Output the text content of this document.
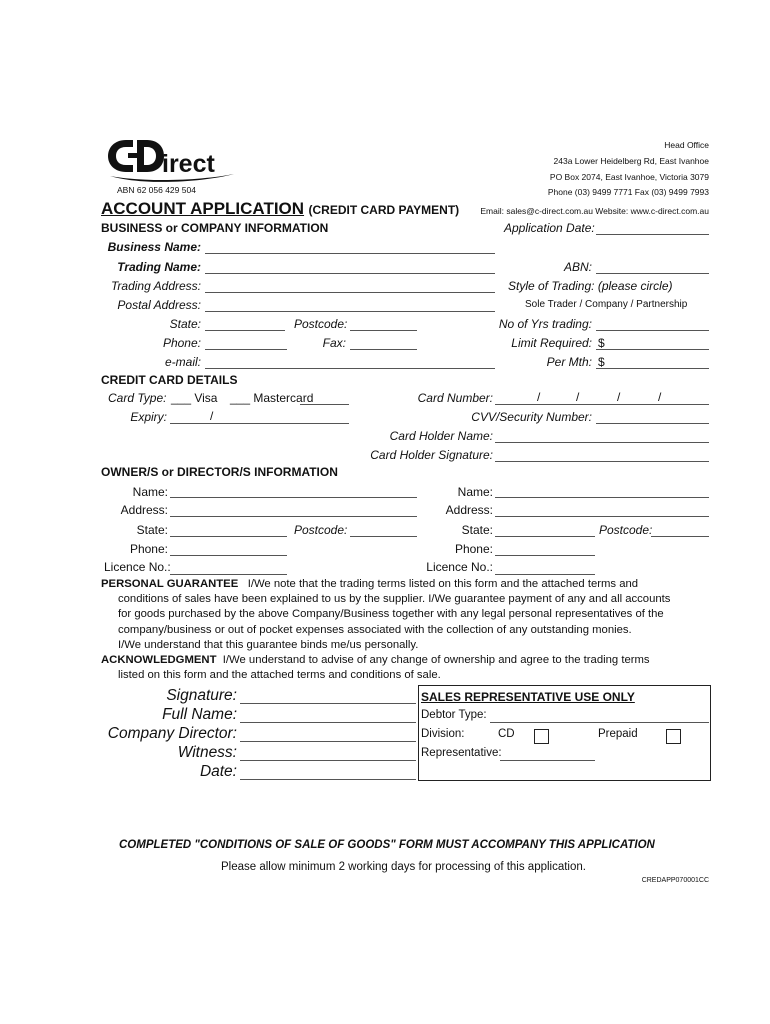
irect
ABN 62 056 429 504
Head Office
243a Lower Heidelberg Rd, East Ivanhoe
PO Box 2074, East Ivanhoe, Victoria 3079
Phone (03) 9499 7771 Fax (03) 9499 7993
ACCOUNT APPLICATION (CREDIT CARD PAYMENT) Email: sales@c-direct.com.au Website: www.c-direct.com.au
BUSINESS or COMPANY INFORMATION	Application Date:
Business Name:
Trading Name:	ABN:
Trading Address:	Style of Trading: (please circle)
Postal Address:	Sole Trader / Company / Partnership
State:	Postcode:	No of Yrs trading:
Phone:	Fax:	Limit Required: $
e-mail:	Per Mth: $
CREDIT CARD DETAILS
Card Type: ___ Visa ___ Mastercard	Card Number:	/	/	/	/
Expiry:	/	CVV/Security Number:
Card Holder Name:
Card Holder Signature:
OWNER/S or DIRECTOR/S INFORMATION
Name:	Name:
Address:	Address:
State:	Postcode:	State:	Postcode:
Phone:	Phone:
Licence No.:	Licence No.:
PERSONAL GUARANTEE I/We note that the trading terms listed on this form and the attached terms and
conditions of sales have been explained to us by the supplier. I/We guarantee payment of any and all accounts
for goods purchased by the above Company/Business together with any legal personal representatives of the
company/business or out of pocket expenses associated with the collection of any outstanding monies.
I/We understand that this guarantee binds me/us personally.
ACKNOWLEDGMENT I/We understand to advise of any change of ownership and agree to the trading terms
listed on this form and the attached terms and conditions of sale.
Signature:
Full Name:
Company Director:
Witness:
Date:
SALES REPRESENTATIVE USE ONLY
Debtor Type:
Division:	CD	Prepaid
Representative:
COMPLETED "CONDITIONS OF SALE OF GOODS" FORM MUST ACCOMPANY THIS APPLICATION
Please allow minimum 2 working days for processing of this application.
CREDAPP070001CC
